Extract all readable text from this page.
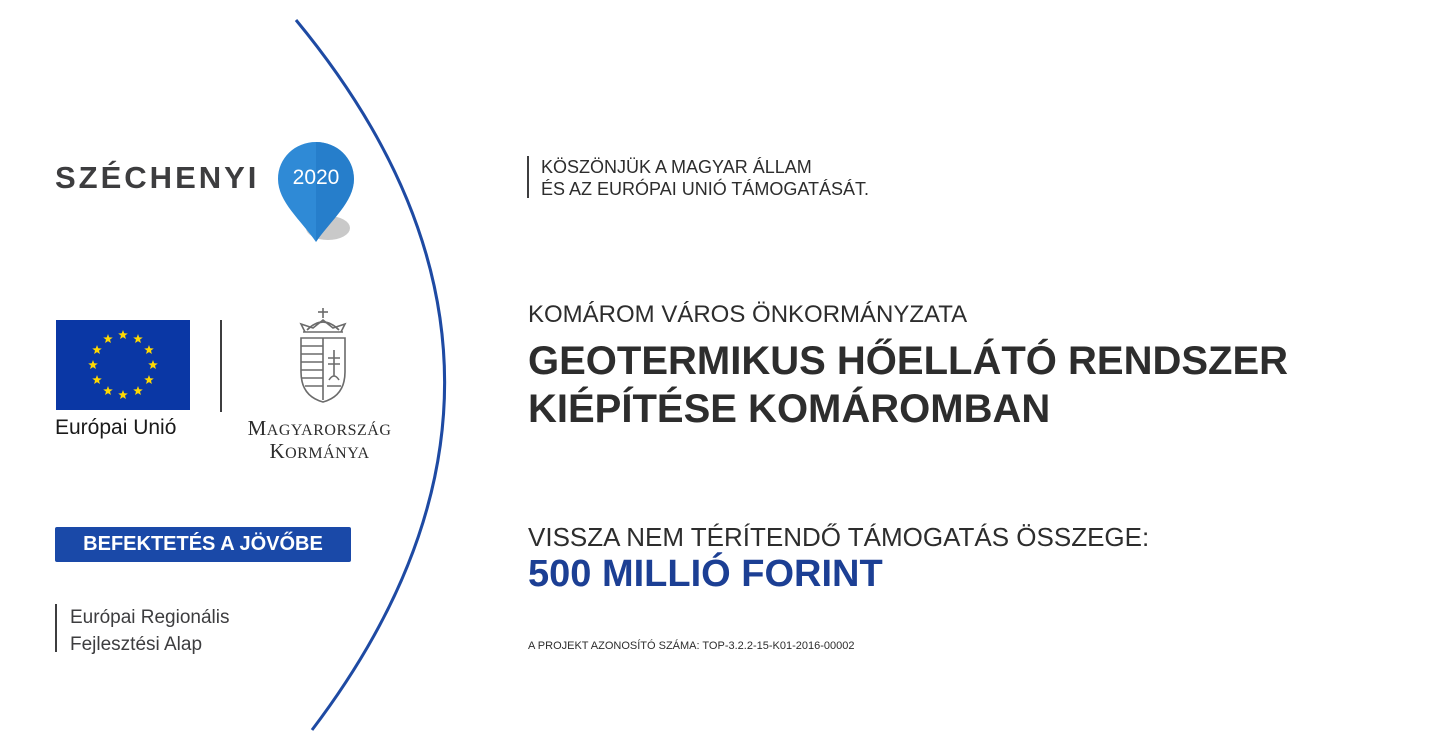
SZÉCHENYI 2020
Európai Unió	MAGYARORSZÁG
KORMÁNYA
BEFEKTETÉS A JÖVŐBE
Európai Regionális
Fejlesztési Alap
KÖSZÖNJÜK A MAGYAR ÁLLAM
ÉS AZ EURÓPAI UNIÓ TÁMOGATÁSÁT.
KOMÁROM VÁROS ÖNKORMÁNYZATA
GEOTERMIKUS HŐELLÁTÓ RENDSZER
KIÉPÍTÉSE KOMÁROMBAN
VISSZA NEM TÉRÍTENDŐ TÁMOGATÁS ÖSSZEGE:
500 MILLIÓ FORINT
A PROJEKT AZONOSÍTÓ SZÁMA: TOP-3.2.2-15-K01-2016-00002
